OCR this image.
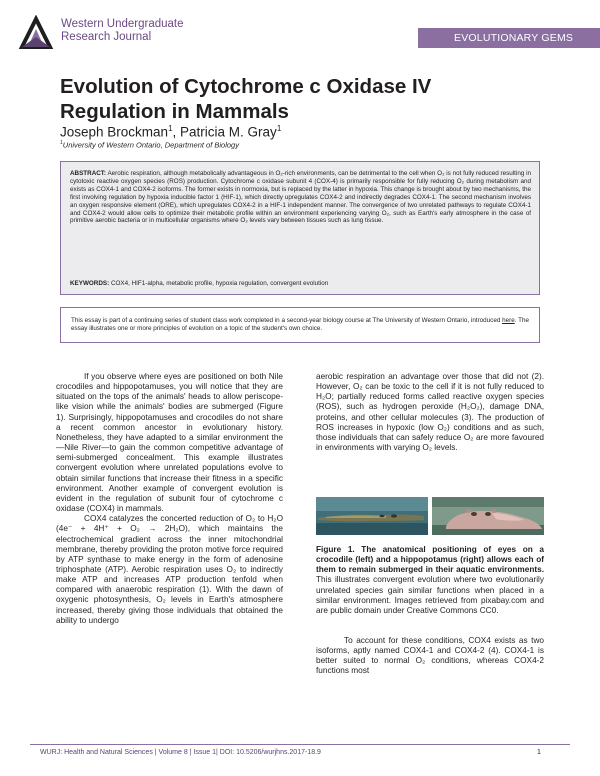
Western Undergraduate
Research Journal	EVOLUTIONARY GEMS
Evolution of Cytochrome c Oxidase IV Regulation in Mammals
Joseph Brockman$^1$, Patricia M. Gray$^1$
$^1$University of Western Ontario, Department of Biology
ABSTRACT: Aerobic respiration, although metabolically advantageous in O₂-rich environments, can be detrimental to the cell when O₂ is not fully reduced resulting in cytotoxic reactive oxygen species (ROS) production. Cytochrome c oxidase subunit 4 (COX-4) is primarily responsible for fully reducing O₂ during metabolism and exists as COX4-1 and COX4-2 isoforms. The former exists in normoxia, but is replaced by the latter in hypoxia. This change is brought about by two mechanisms, the first involving regulation by hypoxia inducible factor 1 (HIF-1), which directly upregulates COX4-2 and indirectly degrades COX4-1. The second mechanism involves an oxygen responsive element (ORE), which upregulates COX4-2 in a HIF-1 independent manner. The convergence of two unrelated pathways to regulate COX4-1 and COX4-2 would allow cells to optimize their metabolic profile within an environment experiencing varying O₂, such as Earth's early atmosphere in the case of primitive aerobic bacteria or in multicellular organisms where O₂ levels vary between tissues such as lung tissue.
KEYWORDS: COX4, HIF1-alpha, metabolic profile, hypoxia regulation, convergent evolution
This essay is part of a continuing series of student class work completed in a second-year biology course at The University of Western Ontario, introduced here. The essay illustrates one or more principles of evolution on a topic of the student's own choice.

If you observe where eyes are positioned on both Nile crocodiles and hippopotamuses, you will notice that they are situated on the tops of the animals' heads to allow periscope-like vision while the animals' bodies are submerged (Figure 1). Surprisingly, hippopotamuses and crocodiles do not share a recent common ancestor in evolutionary history. Nonetheless, they have adapted to a similar environment the—Nile River—to gain the common competitive advantage of semi-submerged concealment. This example illustrates convergent evolution where unrelated populations evolve to obtain similar functions that increase their fitness in a specific environment. Another example of convergent evolution is evident in the regulation of subunit four of cytochrome c oxidase (COX4) in mammals.

COX4 catalyzes the concerted reduction of O₂ to H₂O (4e⁻ + 4H⁺ + O₂ → 2H₂O), which maintains the electrochemical gradient across the inner mitochondrial membrane, thereby providing the proton motive force required by ATP synthase to make energy in the form of adenosine triphosphate (ATP). Aerobic respiration uses O₂ to indirectly make ATP and increases ATP production tenfold when compared with anaerobic respiration (1). With the dawn of oxygenic photosynthesis, O₂ levels in Earth's atmosphere increased, thereby giving those individuals that obtained the ability to undergo

aerobic respiration an advantage over those that did not (2). However, O₂ can be toxic to the cell if it is not fully reduced to H₂O; partially reduced forms called reactive oxygen species (ROS), such as hydrogen peroxide (H₂O₂), damage DNA, proteins, and other cellular molecules (3). The production of ROS increases in hypoxic (low O₂) conditions and as such, those individuals that can safely reduce O₂ are more favoured in environments with varying O₂ levels.

Figure 1. The anatomical positioning of eyes on a crocodile (left) and a hippopotamus (right) allows each of them to remain submerged in their aquatic environments. This illustrates convergent evolution where two evolutionarily unrelated species gain similar functions when placed in a similar environment. Images retrieved from pixabay.com and are public domain under Creative Commons CC0.

To account for these conditions, COX4 exists as two isoforms, aptly named COX4-1 and COX4-2 (4). COX4-1 is better suited to normal O₂ conditions, whereas COX4-2 functions most

WURJ: Health and Natural Sciences | Volume 8 | Issue 1| DOI: 10.5206/wurjhns.2017-18.9	1
